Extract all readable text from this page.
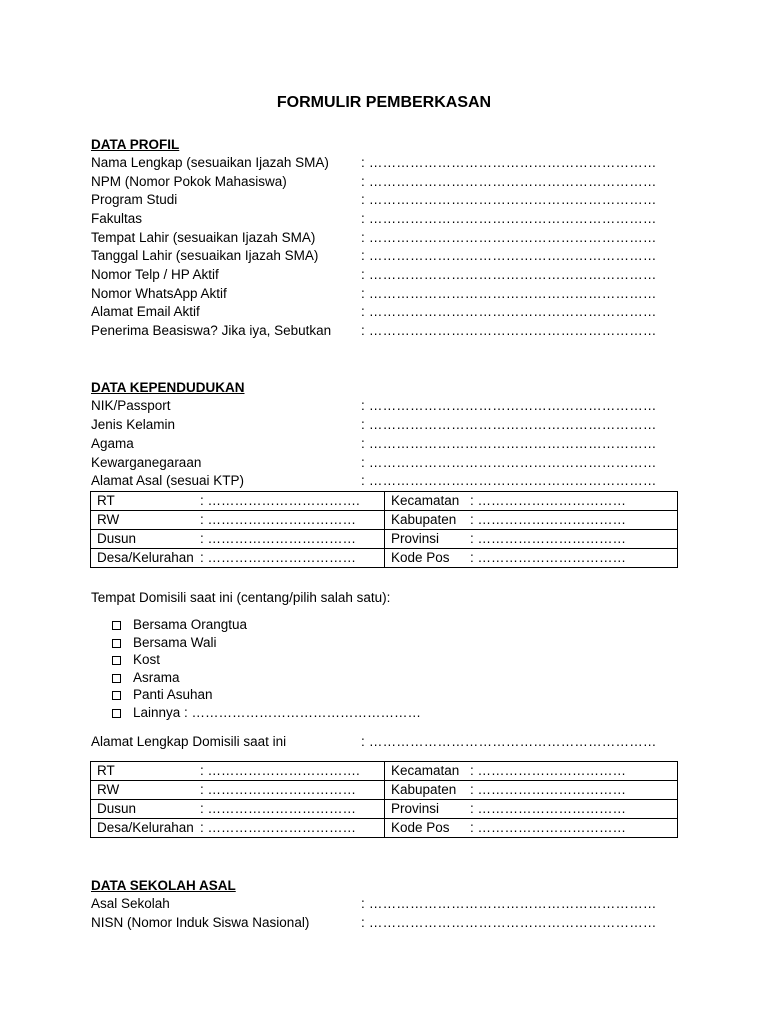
FORMULIR PEMBERKASAN
DATA PROFIL
Nama Lengkap (sesuaikan Ijazah SMA) : ………………………………………………………
NPM (Nomor Pokok Mahasiswa)	: ………………………………………………………
Program Studi	: ………………………………………………………
Fakultas	: ………………………………………………………
Tempat Lahir (sesuaikan Ijazah SMA)	: ………………………………………………………
Tanggal Lahir (sesuaikan Ijazah SMA)	: ………………………………………………………
Nomor Telp / HP Aktif	: ………………………………………………………
Nomor WhatsApp Aktif	: ………………………………………………………
Alamat Email Aktif	: ………………………………………………………
Penerima Beasiswa? Jika iya, Sebutkan : ………………………………………………………
DATA KEPENDUDUKAN
NIK/Passport	: ………………………………………………………
Jenis Kelamin	: ………………………………………………………
Agama	: ………………………………………………………
Kewarganegaraan	: ………………………………………………………
Alamat Asal (sesuai KTP)	: ………………………………………………………
RT : …………………………….	Kecamatan : ……………………………
RW : ……………………………	Kabupaten : ……………………………
Dusun : ……………………………	Provinsi : ……………………………
Desa/Kelurahan : ……………………………	Kode Pos : ……………………………
Tempat Domisili saat ini (centang/pilih salah satu):
Bersama Orangtua
Bersama Wali
Kost
Asrama
Panti Asuhan
Lainnya : ……………………………………………
Alamat Lengkap Domisili saat ini	: ………………………………………………………
RT : …………………………….	Kecamatan : ……………………………
RW : ……………………………	Kabupaten : ……………………………
Dusun : ……………………………	Provinsi : ……………………………
Desa/Kelurahan : ……………………………	Kode Pos : ……………………………
DATA SEKOLAH ASAL
Asal Sekolah	: ………………………………………………………
NISN (Nomor Induk Siswa Nasional)	: ………………………………………………………
